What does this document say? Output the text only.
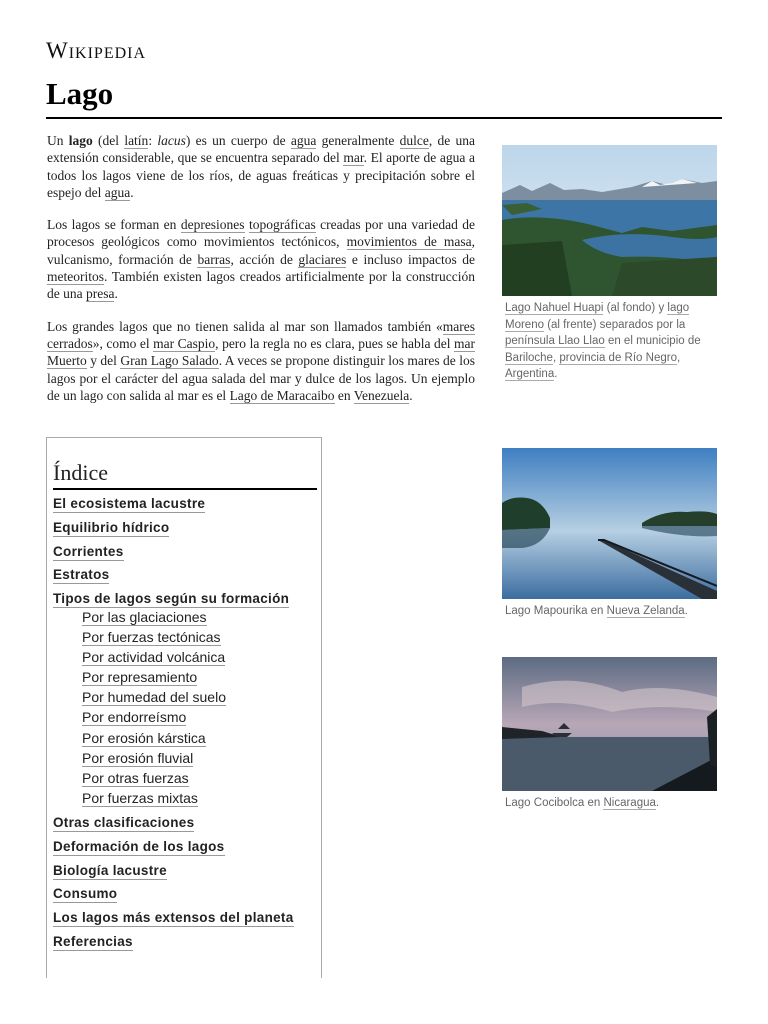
Wikipedia
Lago

Un lago (del latín: lacus) es un cuerpo de agua generalmente dulce, de una extensión considerable, que se encuentra separado del mar. El aporte de agua a todos los lagos viene de los ríos, de aguas freáticas y precipitación sobre el espejo del agua.

Los lagos se forman en depresiones topográficas creadas por una variedad de procesos geológicos como movimientos tectónicos, movimientos de masa, vulcanismo, formación de barras, acción de glaciares e incluso impactos de meteoritos. También existen lagos creados artificialmente por la construcción de una presa.

Los grandes lagos que no tienen salida al mar son llamados también «mares cerrados», como el mar Caspio, pero la regla no es clara, pues se habla del mar Muerto y del Gran Lago Salado. A veces se propone distinguir los mares de los lagos por el carácter del agua salada del mar y dulce de los lagos. Un ejemplo de un lago con salida al mar es el Lago de Maracaibo en Venezuela.

Índice
El ecosistema lacustre
Equilibrio hídrico
Corrientes
Estratos
Tipos de lagos según su formación
Por las glaciaciones
Por fuerzas tectónicas
Por actividad volcánica
Por represamiento
Por humedad del suelo
Por endorreísmo
Por erosión kárstica
Por erosión fluvial
Por otras fuerzas
Por fuerzas mixtas
Otras clasificaciones
Deformación de los lagos
Biología lacustre
Consumo
Los lagos más extensos del planeta
Referencias
Lago Nahuel Huapi (al fondo) y lago Moreno (al frente) separados por la península Llao Llao en el municipio de Bariloche, provincia de Río Negro, Argentina.
Lago Mapourika en Nueva Zelanda.
Lago Cocibolca en Nicaragua.
